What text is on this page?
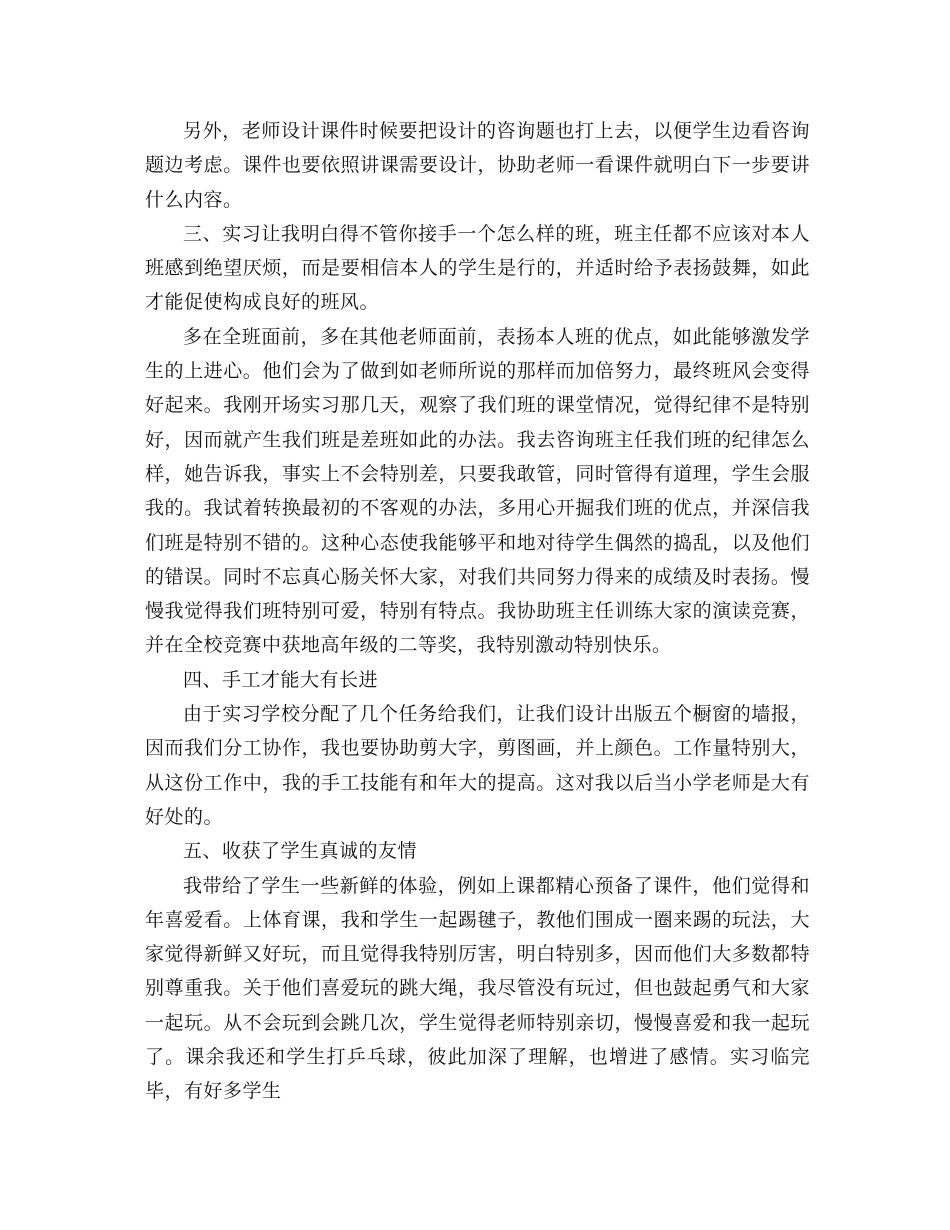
另外，老师设计课件时候要把设计的咨询题也打上去，以便学生边看咨询题边考虑。课件也要依照讲课需要设计，协助老师一看课件就明白下一步要讲什么内容。

三、实习让我明白得不管你接手一个怎么样的班，班主任都不应该对本人班感到绝望厌烦，而是要相信本人的学生是行的，并适时给予表扬鼓舞，如此才能促使构成良好的班风。

多在全班面前，多在其他老师面前，表扬本人班的优点，如此能够激发学生的上进心。他们会为了做到如老师所说的那样而加倍努力，最终班风会变得好起来。我刚开场实习那几天，观察了我们班的课堂情况，觉得纪律不是特别好，因而就产生我们班是差班如此的办法。我去咨询班主任我们班的纪律怎么样，她告诉我，事实上不会特别差，只要我敢管，同时管得有道理，学生会服我的。我试着转换最初的不客观的办法，多用心开掘我们班的优点，并深信我们班是特别不错的。这种心态使我能够平和地对待学生偶然的捣乱，以及他们的错误。同时不忘真心肠关怀大家，对我们共同努力得来的成绩及时表扬。慢慢我觉得我们班特别可爱，特别有特点。我协助班主任训练大家的演读竞赛，并在全校竞赛中获地高年级的二等奖，我特别激动特别快乐。

四、手工才能大有长进

由于实习学校分配了几个任务给我们，让我们设计出版五个橱窗的墙报，因而我们分工协作，我也要协助剪大字，剪图画，并上颜色。工作量特别大，从这份工作中，我的手工技能有和年大的提高。这对我以后当小学老师是大有好处的。

五、收获了学生真诚的友情

我带给了学生一些新鲜的体验，例如上课都精心预备了课件，他们觉得和年喜爱看。上体育课，我和学生一起踢毽子，教他们围成一圈来踢的玩法，大家觉得新鲜又好玩，而且觉得我特别厉害，明白特别多，因而他们大多数都特别尊重我。关于他们喜爱玩的跳大绳，我尽管没有玩过，但也鼓起勇气和大家一起玩。从不会玩到会跳几次，学生觉得老师特别亲切，慢慢喜爱和我一起玩了。课余我还和学生打乒乓球，彼此加深了理解，也增进了感情。实习临完毕，有好多学生
